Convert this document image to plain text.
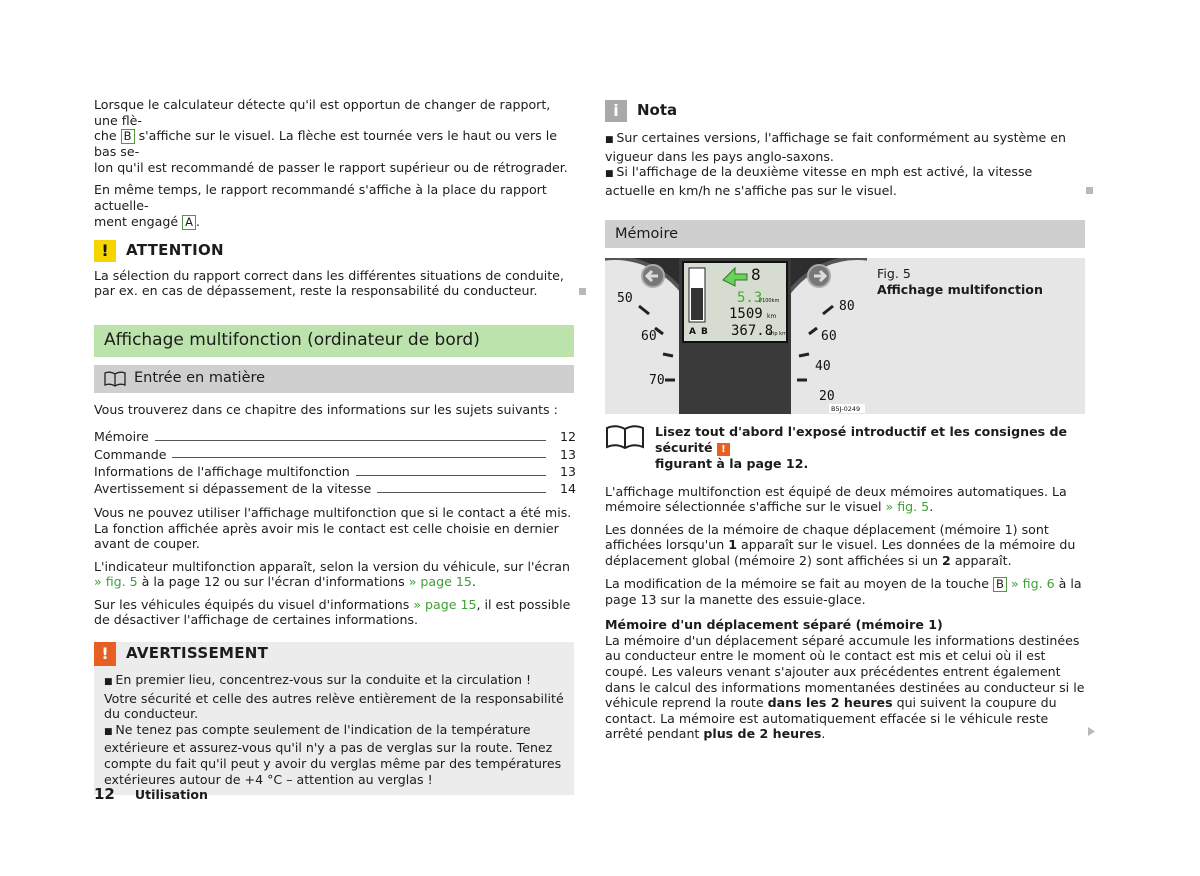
Lorsque le calculateur détecte qu'il est opportun de changer de rapport, une flè-
che B s'affiche sur le visuel. La flèche est tournée vers le haut ou vers le bas se-
lon qu'il est recommandé de passer le rapport supérieur ou de rétrograder.

En même temps, le rapport recommandé s'affiche à la place du rapport actuelle-
ment engagé A .

!	ATTENTION

La sélection du rapport correct dans les différentes situations de conduite, par ex. en cas de dépassement, reste la responsabilité du conducteur.

Affichage multifonction (ordinateur de bord)
Entrée en matière

Vous trouverez dans ce chapitre des informations sur les sujets suivants :

Mémoire	12
Commande	13
Informations de l'affichage multifonction	13
Avertissement si dépassement de la vitesse	14

Vous ne pouvez utiliser l'affichage multifonction que si le contact a été mis. La fonction affichée après avoir mis le contact est celle choisie en dernier avant de couper.

L'indicateur multifonction apparaît, selon la version du véhicule, sur l'écran » fig. 5 à la page 12 ou sur l'écran d'informations » page 15.

Sur les véhicules équipés du visuel d'informations » page 15, il est possible de désactiver l'affichage de certaines informations.

!	AVERTISSEMENT

■ En premier lieu, concentrez-vous sur la conduite et la circulation ! Votre sécurité et celle des autres relève entièrement de la responsabilité du conducteur.

■ Ne tenez pas compte seulement de l'indication de la température extérieure et assurez-vous qu'il n'y a pas de verglas sur la route. Tenez compte du fait qu'il peut y avoir du verglas même par des températures extérieures autour de +4 °C – attention au verglas !

i	Nota

■ Sur certaines versions, l'affichage se fait conformément au système en vigueur dans les pays anglo-saxons.

■ Si l'affichage de la deuxième vitesse en mph est activé, la vitesse actuelle en km/h ne s'affiche pas sur le visuel.

Mémoire
50
60
70
80
60
40
20
8
5.3
l/100km
1509 km
367.8
trip km
A B
B5J-0249
Fig. 5
Affichage multifonction
Lisez tout d'abord l'exposé introductif et les consignes de sécurité !
figurant à la page 12.

L'affichage multifonction est équipé de deux mémoires automatiques. La mémoire sélectionnée s'affiche sur le visuel » fig. 5.

Les données de la mémoire de chaque déplacement (mémoire 1) sont affichées lorsqu'un 1 apparaît sur le visuel. Les données de la mémoire du déplacement global (mémoire 2) sont affichées si un 2 apparaît.

La modification de la mémoire se fait au moyen de la touche B » fig. 6 à la page 13 sur la manette des essuie-glace.

Mémoire d'un déplacement séparé (mémoire 1)

La mémoire d'un déplacement séparé accumule les informations destinées au conducteur entre le moment où le contact est mis et celui où il est coupé. Les valeurs venant s'ajouter aux précédentes entrent également dans le calcul des informations momentanées destinées au conducteur si le véhicule reprend la route dans les 2 heures qui suivent la coupure du contact. La mémoire est automatiquement effacée si le véhicule reste arrêté pendant plus de 2 heures.

12 Utilisation
